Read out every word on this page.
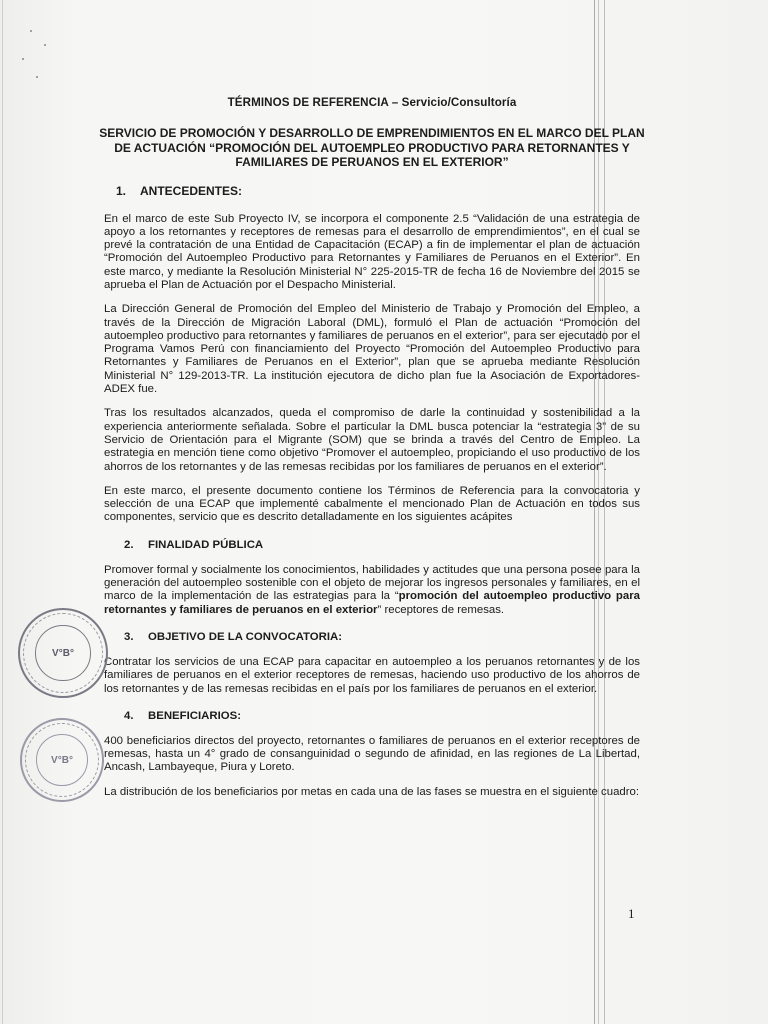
TÉRMINOS DE REFERENCIA – Servicio/Consultoría
SERVICIO DE PROMOCIÓN Y DESARROLLO DE EMPRENDIMIENTOS EN EL MARCO DEL PLAN DE ACTUACIÓN “PROMOCIÓN DEL AUTOEMPLEO PRODUCTIVO PARA RETORNANTES Y FAMILIARES DE PERUANOS EN EL EXTERIOR”
1. ANTECEDENTES:

En el marco de este Sub Proyecto IV, se incorpora el componente 2.5 “Validación de una estrategia de apoyo a los retornantes y receptores de remesas para el desarrollo de emprendimientos”, en el cual se prevé la contratación de una Entidad de Capacitación (ECAP) a fin de implementar el plan de actuación “Promoción del Autoempleo Productivo para Retornantes y Familiares de Peruanos en el Exterior”. En este marco, y mediante la Resolución Ministerial N° 225-2015-TR de fecha 16 de Noviembre del 2015 se aprueba el Plan de Actuación por el Despacho Ministerial.

La Dirección General de Promoción del Empleo del Ministerio de Trabajo y Promoción del Empleo, a través de la Dirección de Migración Laboral (DML), formuló el Plan de actuación “Promoción del autoempleo productivo para retornantes y familiares de peruanos en el exterior”, para ser ejecutado por el Programa Vamos Perú con financiamiento del Proyecto “Promoción del Autoempleo Productivo para Retornantes y Familiares de Peruanos en el Exterior”, plan que se aprueba mediante Resolución Ministerial N° 129-2013-TR. La institución ejecutora de dicho plan fue la Asociación de Exportadores-ADEX fue.

Tras los resultados alcanzados, queda el compromiso de darle la continuidad y sostenibilidad a la experiencia anteriormente señalada. Sobre el particular la DML busca potenciar la “estrategia 3” de su Servicio de Orientación para el Migrante (SOM) que se brinda a través del Centro de Empleo. La estrategia en mención tiene como objetivo “Promover el autoempleo, propiciando el uso productivo de los ahorros de los retornantes y de las remesas recibidas por los familiares de peruanos en el exterior”.

En este marco, el presente documento contiene los Términos de Referencia para la convocatoria y selección de una ECAP que implementé cabalmente el mencionado Plan de Actuación en todos sus componentes, servicio que es descrito detalladamente en los siguientes acápites

2. FINALIDAD PÚBLICA

Promover formal y socialmente los conocimientos, habilidades y actitudes que una persona posee para la generación del autoempleo sostenible con el objeto de mejorar los ingresos personales y familiares, en el marco de la implementación de las estrategias para la “promoción del autoempleo productivo para retornantes y familiares de peruanos en el exterior” receptores de remesas.

3. OBJETIVO DE LA CONVOCATORIA:

Contratar los servicios de una ECAP para capacitar en autoempleo a los peruanos retornantes y de los familiares de peruanos en el exterior receptores de remesas, haciendo uso productivo de los ahorros de los retornantes y de las remesas recibidas en el país por los familiares de peruanos en el exterior.

4. BENEFICIARIOS:

400 beneficiarios directos del proyecto, retornantes o familiares de peruanos en el exterior receptores de remesas, hasta un 4° grado de consanguinidad o segundo de afinidad, en las regiones de La Libertad, Ancash, Lambayeque, Piura y Loreto.

La distribución de los beneficiarios por metas en cada una de las fases se muestra en el siguiente cuadro:

V°B°
V°B°
1
